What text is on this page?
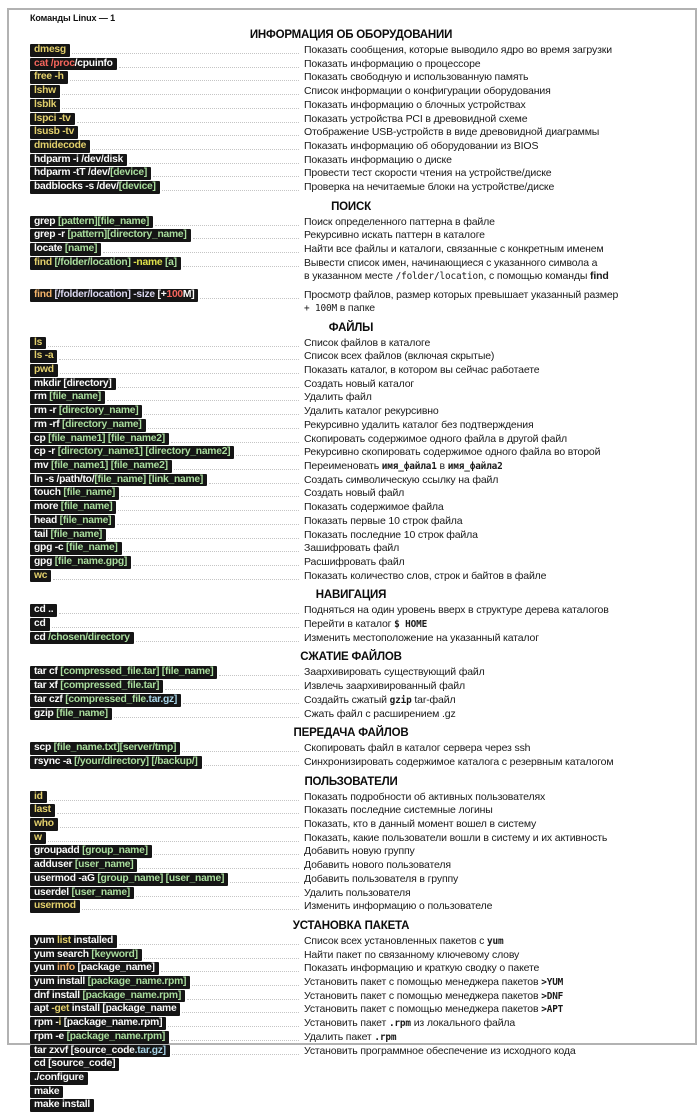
Команды Linux — 1
ИНФОРМАЦИЯ ОБ ОБОРУДОВАНИИ
dmesg	Показать сообщения, которые выводило ядро во время загрузки
cat /proc/cpuinfo	Показать информацию о процессоре
free -h	Показать свободную и использованную память
lshw	Список информации о конфигурации оборудования
lsblk	Показать информацию о блочных устройствах
lspci -tv	Показать устройства PCI в древовидной схеме
lsusb -tv	Отображение USB-устройств в виде древовидной диаграммы
dmidecode	Показать информацию об оборудовании из BIOS
hdparm -i /dev/disk	Показать информацию о диске
hdparm -tT /dev/[device]	Провести тест скорости чтения на устройстве/диске
badblocks -s /dev/[device]	Проверка на нечитаемые блоки на устройстве/диске
ПОИСК
grep [pattern][file_name]	Поиск определенного паттерна в файле
grep -r [pattern][directory_name]	Рекурсивно искать паттерн в каталоге
locate [name]	Найти все файлы и каталоги, связанные с конкретным именем
find [/folder/location] -name [a]	Вывести список имен, начинающиеся с указанного символа а
в указанном месте /folder/location, с помощью команды find
find [/folder/location] -size [+100M]	Просмотр файлов, размер которых превышает указанный размер
+ 100M в папке
ФАЙЛЫ
ls	Список файлов в каталоге
ls -a	Список всех файлов (включая скрытые)
pwd	Показать каталог, в котором вы сейчас работаете
mkdir [directory]	Создать новый каталог
rm [file_name]	Удалить файл
rm -r [directory_name]	Удалить каталог рекурсивно
rm -rf [directory_name]	Рекурсивно удалить каталог без подтверждения
cp [file_name1] [file_name2]	Скопировать содержимое одного файла в другой файл
cp -r [directory_name1] [directory_name2]	Рекурсивно скопировать содержимое одного файла во второй
mv [file_name1] [file_name2]	Переименовать имя_файла1 в имя_файла2
ln -s /path/to/[file_name] [link_name]	Создать символическую ссылку на файл
touch [file_name]	Создать новый файл
more [file_name]	Показать содержимое файла
head [file_name]	Показать первые 10 строк файла
tail [file_name]	Показать последние 10 строк файла
gpg -c [file_name]	Зашифровать файл
gpg [file_name.gpg]	Расшифровать файл
wc	Показать количество слов, строк и байтов в файле
НАВИГАЦИЯ
cd ..	Подняться на один уровень вверх в структуре дерева каталогов
cd	Перейти в каталог $ HOME
cd /chosen/directory	Изменить местоположение на указанный каталог
СЖАТИЕ ФАЙЛОВ
tar cf [compressed_file.tar] [file_name]	Заархивировать существующий файл
tar xf [compressed_file.tar]	Извлечь заархивированный файл
tar czf [compressed_file.tar.gz]	Создайть сжатый gzip tar-файл
gzip [file_name]	Сжать файл с расширением .gz
ПЕРЕДАЧА ФАЙЛОВ
scp [file_name.txt][server/tmp]	Скопировать файл в каталог сервера через ssh
rsync -a [/your/directory] [/backup/]	Синхронизировать содержимое каталога с резервным каталогом
ПОЛЬЗОВАТЕЛИ
id	Показать подробности об активных пользователях
last	Показать последние системные логины
who	Показать, кто в данный момент вошел в систему
w	Показать, какие пользователи вошли в систему и их активность
groupadd [group_name]	Добавить новую группу
adduser [user_name]	Добавить нового пользователя
usermod -aG [group_name] [user_name]	Добавить пользователя в группу
userdel [user_name]	Удалить пользователя
usermod	Изменить информацию о пользователе
УСТАНОВКА ПАКЕТА
yum list installed	Список всех установленных пакетов с yum
yum search [keyword]	Найти пакет по связанному ключевому слову
yum info [package_name]	Показать информацию и краткую сводку о пакете
yum install [package_name.rpm]	Установить пакет с помощью менеджера пакетов >YUM
dnf install [package_name.rpm]	Установить пакет с помощью менеджера пакетов >DNF
apt -get install [package_name	Установить пакет с помощью менеджера пакетов >APT
rpm -i [package_name.rpm]	Установить пакет .rpm из локального файла
rpm -e [package_name.rpm]	Удалить пакет .rpm
tar zxvf [source_code.tar.gz]	Установить программное обеспечение из исходного кода
cd [source_code]
./configure
make
make install
